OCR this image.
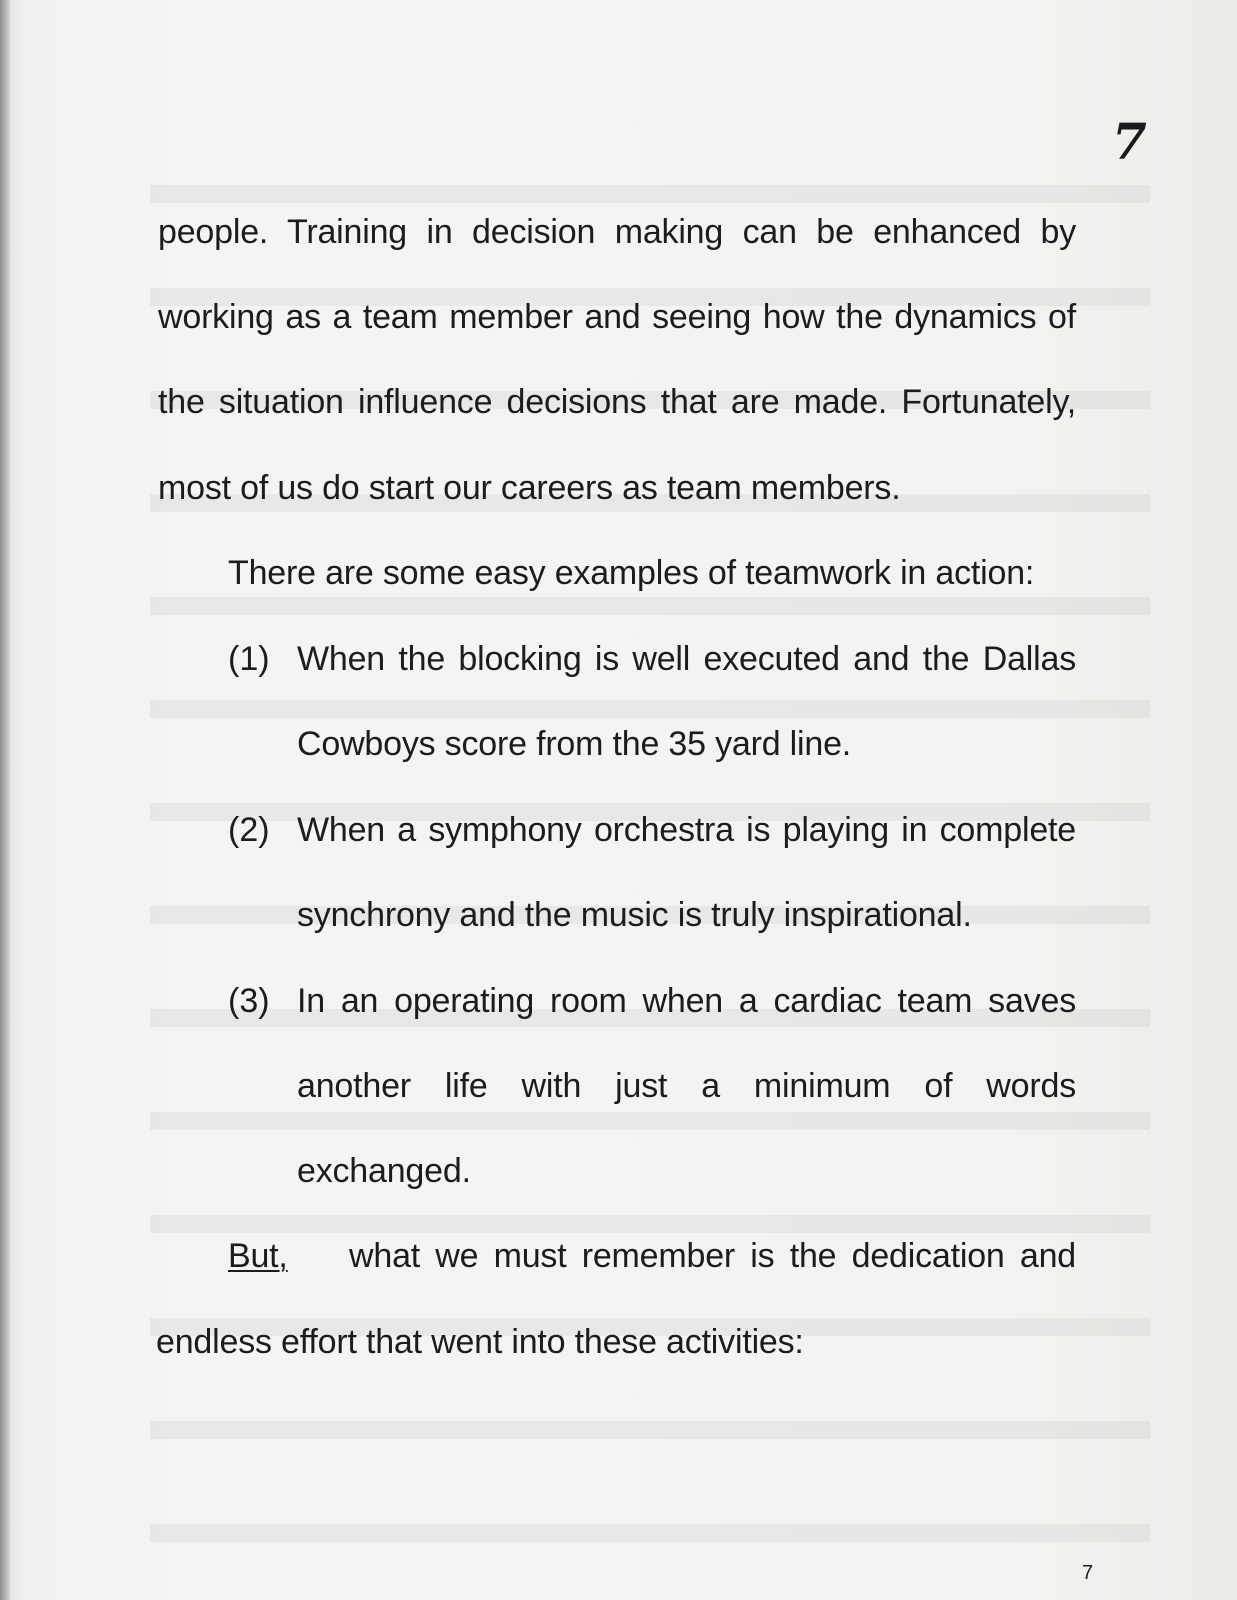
7
people. Training in decision making can be enhanced by
working as a team member and seeing how the dynamics of
the situation influence decisions that are made. Fortunately,
most of us do start our careers as team members.
There are some easy examples of teamwork in action:
(1) When the blocking is well executed and the Dallas
Cowboys score from the 35 yard line.
(2) When a symphony orchestra is playing in complete
synchrony and the music is truly inspirational.
(3) In an operating room when a cardiac team saves
another life with just a minimum of words
exchanged.
But,	what we must remember is the dedication and
endless effort that went into these activities:
7
